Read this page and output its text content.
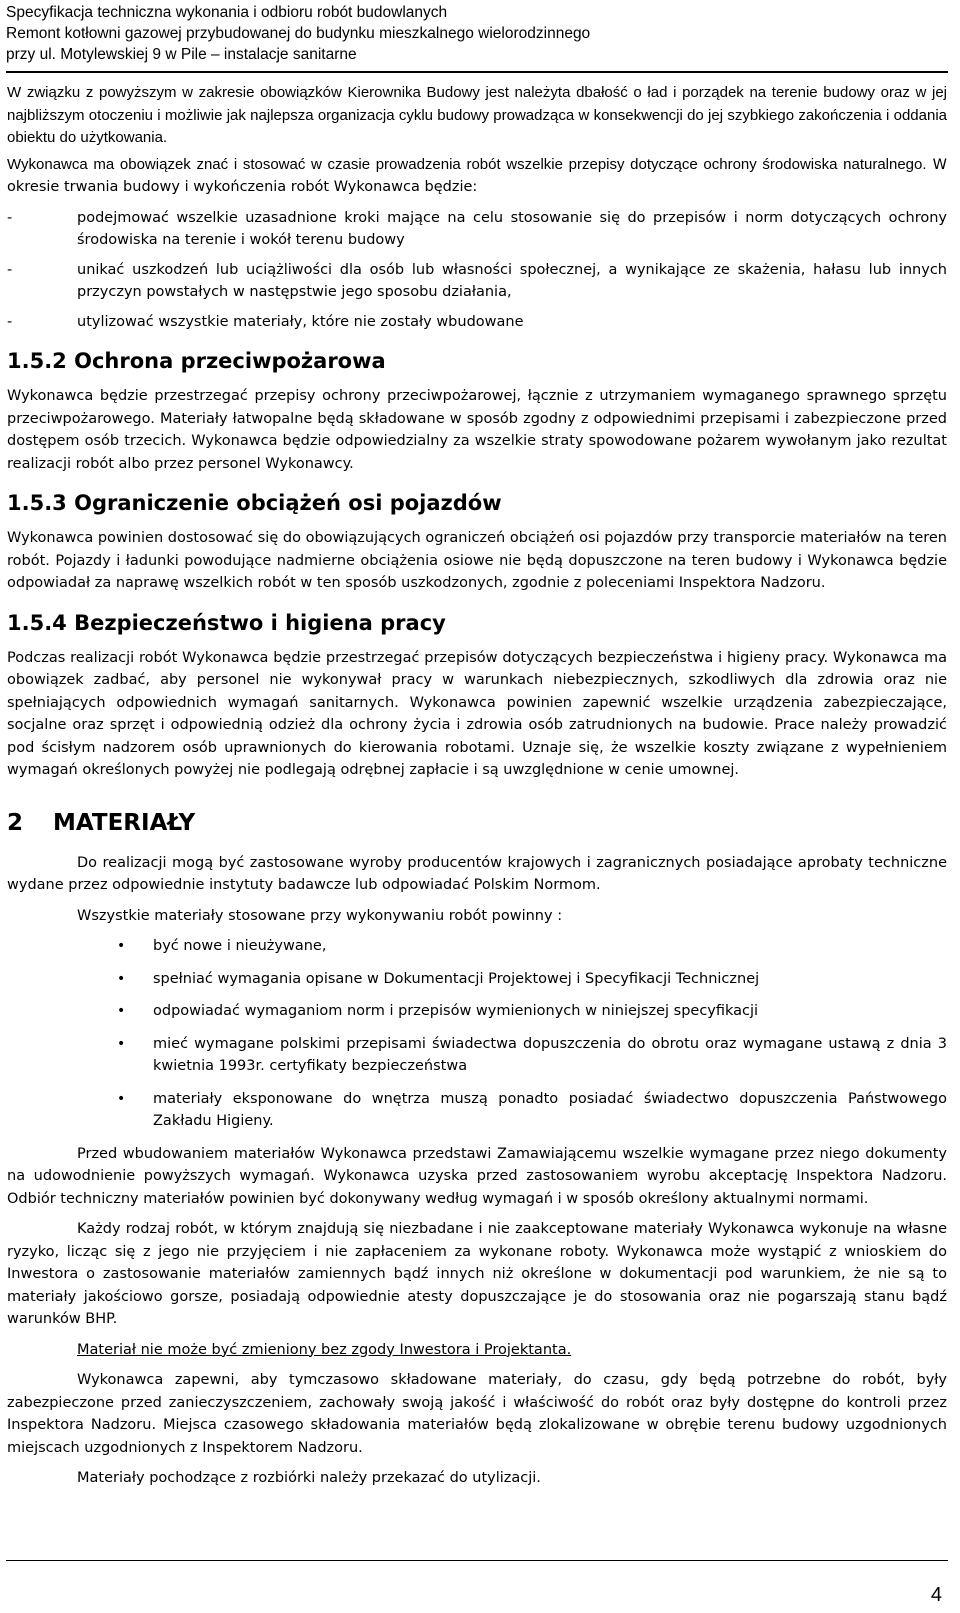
Specyfikacja techniczna wykonania i odbioru robót budowlanych
Remont kotłowni gazowej przybudowanej do budynku mieszkalnego wielorodzinnego
przy ul. Motylewskiej 9 w Pile – instalacje sanitarne

W związku z powyższym w zakresie obowiązków Kierownika Budowy jest należyta dbałość o ład i porządek na terenie budowy oraz w jej najbliższym otoczeniu i możliwie jak najlepsza organizacja cyklu budowy prowadząca w konsekwencji do jej szybkiego zakończenia i oddania obiektu do użytkowania.

Wykonawca ma obowiązek znać i stosować w czasie prowadzenia robót wszelkie przepisy dotyczące ochrony środowiska naturalnego. W okresie trwania budowy i wykończenia robót Wykonawca będzie:

-	podejmować wszelkie uzasadnione kroki mające na celu stosowanie się do przepisów i norm dotyczących ochrony środowiska na terenie i wokół terenu budowy
-	unikać uszkodzeń lub uciążliwości dla osób lub własności społecznej, a wynikające ze skażenia, hałasu lub innych przyczyn powstałych w następstwie jego sposobu działania,
-	utylizować wszystkie materiały, które nie zostały wbudowane
1.5.2 Ochrona przeciwpożarowa

Wykonawca będzie przestrzegać przepisy ochrony przeciwpożarowej, łącznie z utrzymaniem wymaganego sprawnego sprzętu przeciwpożarowego. Materiały łatwopalne będą składowane w sposób zgodny z odpowiednimi przepisami i zabezpieczone przed dostępem osób trzecich. Wykonawca będzie odpowiedzialny za wszelkie straty spowodowane pożarem wywołanym jako rezultat realizacji robót albo przez personel Wykonawcy.

1.5.3 Ograniczenie obciążeń osi pojazdów

Wykonawca powinien dostosować się do obowiązujących ograniczeń obciążeń osi pojazdów przy transporcie materiałów na teren robót. Pojazdy i ładunki powodujące nadmierne obciążenia osiowe nie będą dopuszczone na teren budowy i Wykonawca będzie odpowiadał za naprawę wszelkich robót w ten sposób uszkodzonych, zgodnie z poleceniami Inspektora Nadzoru.

1.5.4 Bezpieczeństwo i higiena pracy

Podczas realizacji robót Wykonawca będzie przestrzegać przepisów dotyczących bezpieczeństwa i higieny pracy. Wykonawca ma obowiązek zadbać, aby personel nie wykonywał pracy w warunkach niebezpiecznych, szkodliwych dla zdrowia oraz nie spełniających odpowiednich wymagań sanitarnych. Wykonawca powinien zapewnić wszelkie urządzenia zabezpieczające, socjalne oraz sprzęt i odpowiednią odzież dla ochrony życia i zdrowia osób zatrudnionych na budowie. Prace należy prowadzić pod ścisłym nadzorem osób uprawnionych do kierowania robotami. Uznaje się, że wszelkie koszty związane z wypełnieniem wymagań określonych powyżej nie podlegają odrębnej zapłacie i są uwzględnione w cenie umownej.

2 MATERIAŁY

Do realizacji mogą być zastosowane wyroby producentów krajowych i zagranicznych posiadające aprobaty techniczne wydane przez odpowiednie instytuty badawcze lub odpowiadać Polskim Normom.

Wszystkie materiały stosowane przy wykonywaniu robót powinny :

• być nowe i nieużywane,
• spełniać wymagania opisane w Dokumentacji Projektowej i Specyfikacji Technicznej
• odpowiadać wymaganiom norm i przepisów wymienionych w niniejszej specyfikacji
• mieć wymagane polskimi przepisami świadectwa dopuszczenia do obrotu oraz wymagane ustawą z dnia 3 kwietnia 1993r. certyfikaty bezpieczeństwa
• materiały eksponowane do wnętrza muszą ponadto posiadać świadectwo dopuszczenia Państwowego Zakładu Higieny.

Przed wbudowaniem materiałów Wykonawca przedstawi Zamawiającemu wszelkie wymagane przez niego dokumenty na udowodnienie powyższych wymagań. Wykonawca uzyska przed zastosowaniem wyrobu akceptację Inspektora Nadzoru. Odbiór techniczny materiałów powinien być dokonywany według wymagań i w sposób określony aktualnymi normami.

Każdy rodzaj robót, w którym znajdują się niezbadane i nie zaakceptowane materiały Wykonawca wykonuje na własne ryzyko, licząc się z jego nie przyjęciem i nie zapłaceniem za wykonane roboty. Wykonawca może wystąpić z wnioskiem do Inwestora o zastosowanie materiałów zamiennych bądź innych niż określone w dokumentacji pod warunkiem, że nie są to materiały jakościowo gorsze, posiadają odpowiednie atesty dopuszczające je do stosowania oraz nie pogarszają stanu bądź warunków BHP.

Materiał nie może być zmieniony bez zgody Inwestora i Projektanta.

Wykonawca zapewni, aby tymczasowo składowane materiały, do czasu, gdy będą potrzebne do robót, były zabezpieczone przed zanieczyszczeniem, zachowały swoją jakość i właściwość do robót oraz były dostępne do kontroli przez Inspektora Nadzoru. Miejsca czasowego składowania materiałów będą zlokalizowane w obrębie terenu budowy uzgodnionych miejscach uzgodnionych z Inspektorem Nadzoru.

Materiały pochodzące z rozbiórki należy przekazać do utylizacji.

4
